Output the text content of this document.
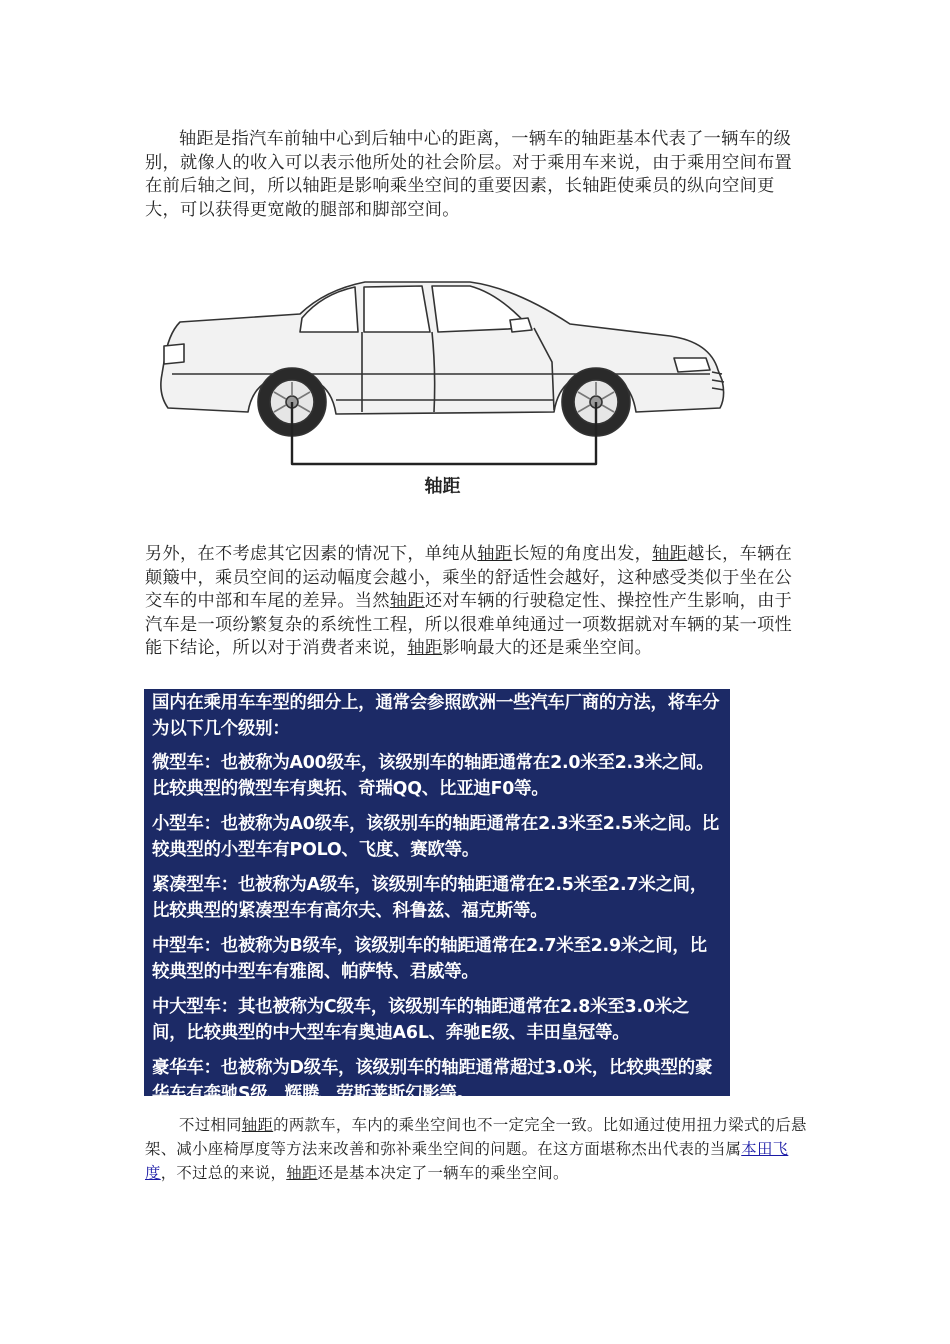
轴距是指汽车前轴中心到后轴中心的距离，一辆车的轴距基本代表了一辆车的级别，就像人的收入可以表示他所处的社会阶层。对于乘用车来说，由于乘用空间布置在前后轴之间，所以轴距是影响乘坐空间的重要因素，长轴距使乘员的纵向空间更大，可以获得更宽敞的腿部和脚部空间。

轴距

另外，在不考虑其它因素的情况下，单纯从轴距长短的角度出发，轴距越长，车辆在颠簸中，乘员空间的运动幅度会越小，乘坐的舒适性会越好，这种感受类似于坐在公交车的中部和车尾的差异。当然轴距还对车辆的行驶稳定性、操控性产生影响，由于汽车是一项纷繁复杂的系统性工程，所以很难单纯通过一项数据就对车辆的某一项性能下结论，所以对于消费者来说，轴距影响最大的还是乘坐空间。

国内在乘用车车型的细分上，通常会参照欧洲一些汽车厂商的方法，将车分为以下几个级别：

微型车：也被称为A00级车，该级别车的轴距通常在2.0米至2.3米之间。比较典型的微型车有奥拓、奇瑞QQ、比亚迪F0等。

小型车：也被称为A0级车，该级别车的轴距通常在2.3米至2.5米之间。比较典型的小型车有POLO、飞度、赛欧等。

紧凑型车：也被称为A级车，该级别车的轴距通常在2.5米至2.7米之间，比较典型的紧凑型车有高尔夫、科鲁兹、福克斯等。

中型车：也被称为B级车，该级别车的轴距通常在2.7米至2.9米之间，比较典型的中型车有雅阁、帕萨特、君威等。

中大型车：其也被称为C级车，该级别车的轴距通常在2.8米至3.0米之间，比较典型的中大型车有奥迪A6L、奔驰E级、丰田皇冠等。

豪华车：也被称为D级车，该级别车的轴距通常超过3.0米，比较典型的豪华车有奔驰S级、辉腾、劳斯莱斯幻影等。

不过相同轴距的两款车，车内的乘坐空间也不一定完全一致。比如通过使用扭力梁式的后悬架、减小座椅厚度等方法来改善和弥补乘坐空间的问题。在这方面堪称杰出代表的当属本田飞度，不过总的来说，轴距还是基本决定了一辆车的乘坐空间。
